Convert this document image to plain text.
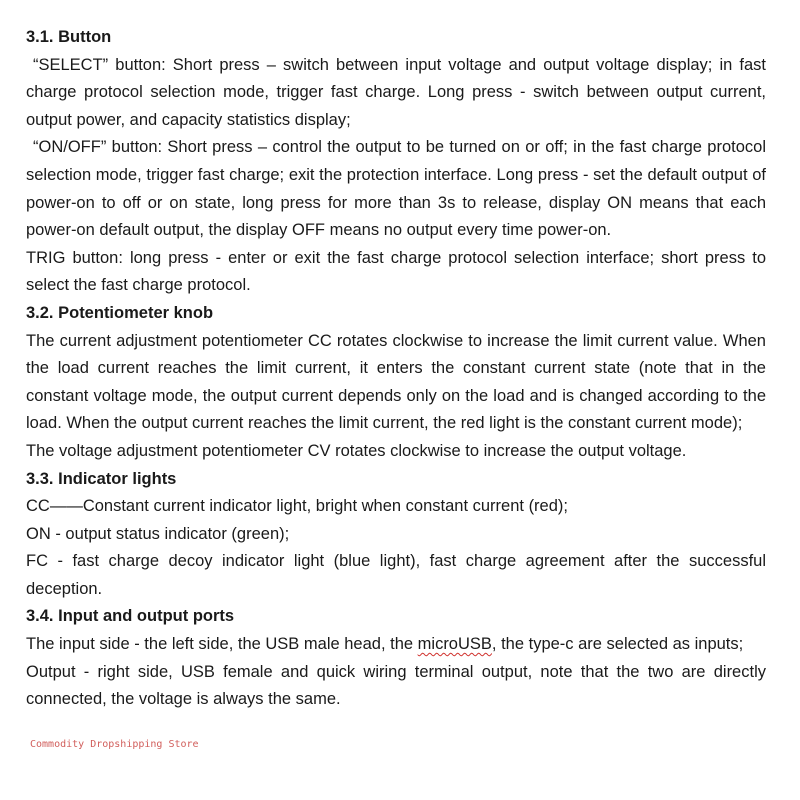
3.1. Button

“SELECT” button: Short press – switch between input voltage and output voltage display; in fast charge protocol selection mode, trigger fast charge. Long press - switch between output current, output power, and capacity statistics display;

“ON/OFF” button: Short press – control the output to be turned on or off; in the fast charge protocol selection mode, trigger fast charge; exit the protection interface. Long press - set the default output of power-on to off or on state, long press for more than 3s to release, display ON means that each power-on default output, the display OFF means no output every time power-on.

TRIG button: long press - enter or exit the fast charge protocol selection interface; short press to select the fast charge protocol.

3.2. Potentiometer knob

The current adjustment potentiometer CC rotates clockwise to increase the limit current value. When the load current reaches the limit current, it enters the constant current state (note that in the constant voltage mode, the output current depends only on the load and is changed according to the load. When the output current reaches the limit current, the red light is the constant current mode);

The voltage adjustment potentiometer CV rotates clockwise to increase the output voltage.

3.3. Indicator lights

CC——Constant current indicator light, bright when constant current (red);

ON - output status indicator (green);

FC - fast charge decoy indicator light (blue light), fast charge agreement after the successful deception.

3.4. Input and output ports

The input side - the left side, the USB male head, the microUSB, the type-c are selected as inputs;

Output - right side, USB female and quick wiring terminal output, note that the two are directly connected, the voltage is always the same.

Commodity Dropshipping Store
